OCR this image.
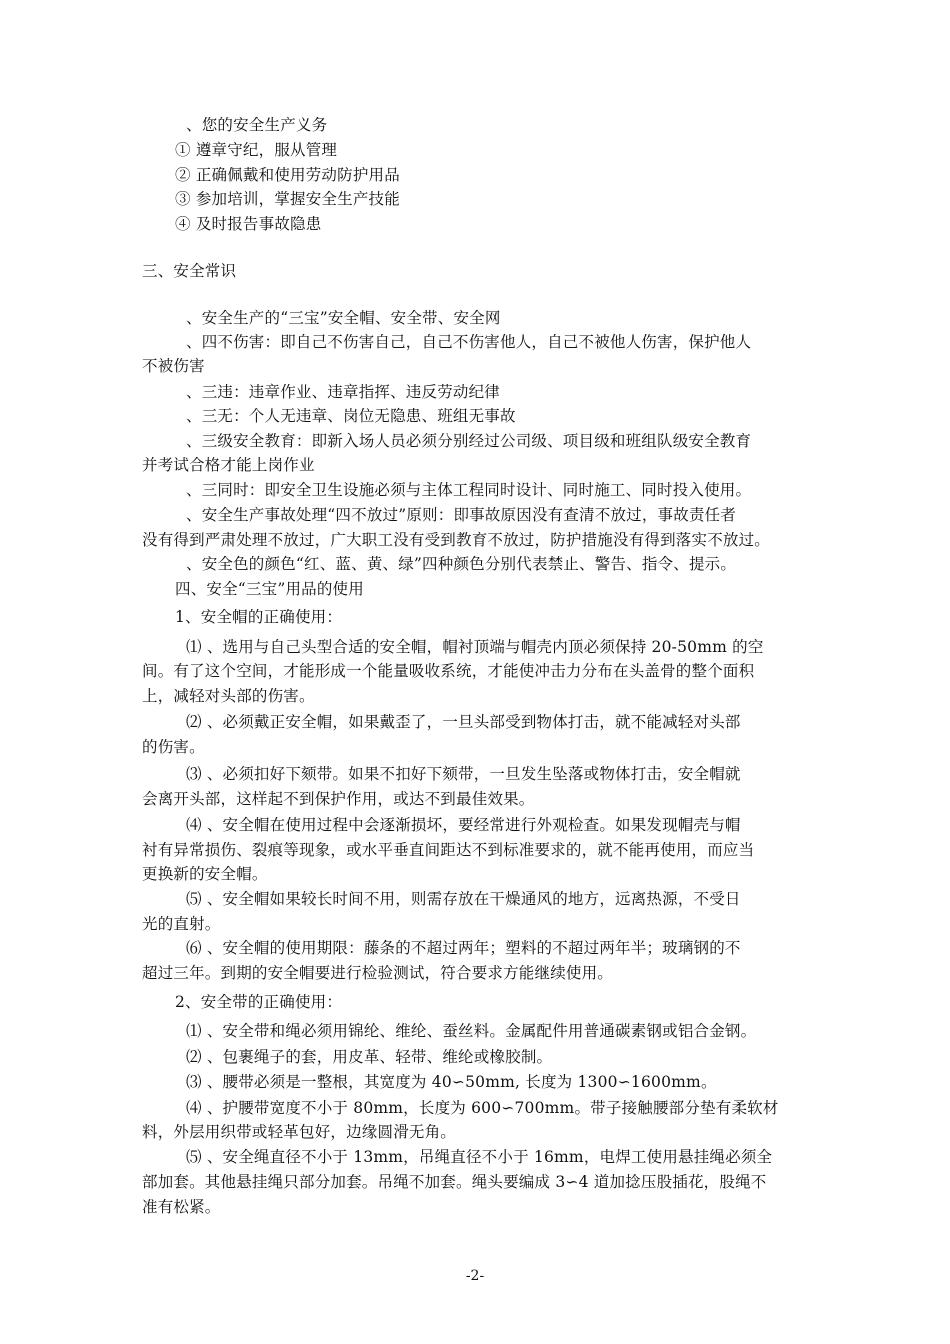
、您的安全生产义务
① 遵章守纪，服从管理
② 正确佩戴和使用劳动防护用品
③ 参加培训，掌握安全生产技能
④ 及时报告事故隐患
三、安全常识
、安全生产的“三宝”安全帽、安全带、安全网
、四不伤害：即自己不伤害自己，自己不伤害他人，自己不被他人伤害，保护他人
不被伤害
、三违：违章作业、违章指挥、违反劳动纪律
、三无：个人无违章、岗位无隐患、班组无事故
、三级安全教育：即新入场人员必须分别经过公司级、项目级和班组队级安全教育
并考试合格才能上岗作业
、三同时：即安全卫生设施必须与主体工程同时设计、同时施工、同时投入使用。
、安全生产事故处理“四不放过”原则：即事故原因没有查清不放过，事故责任者
没有得到严肃处理不放过，广大职工没有受到教育不放过，防护措施没有得到落实不放过。
、安全色的颜色“红、蓝、黄、绿”四种颜色分别代表禁止、警告、指令、提示。
四、安全“三宝”用品的使用
1、安全帽的正确使用：
⑴ 、选用与自己头型合适的安全帽，帽衬顶端与帽壳内顶必须保持 20-50mm 的空
间。有了这个空间，才能形成一个能量吸收系统，才能使冲击力分布在头盖骨的整个面积
上，减轻对头部的伤害。
⑵ 、必须戴正安全帽，如果戴歪了，一旦头部受到物体打击，就不能减轻对头部
的伤害。
⑶ 、必须扣好下颏带。如果不扣好下颏带，一旦发生坠落或物体打击，安全帽就
会离开头部，这样起不到保护作用，或达不到最佳效果。
⑷ 、安全帽在使用过程中会逐渐损坏，要经常进行外观检查。如果发现帽壳与帽
衬有异常损伤、裂痕等现象，或水平垂直间距达不到标准要求的，就不能再使用，而应当
更换新的安全帽。
⑸ 、安全帽如果较长时间不用，则需存放在干燥通风的地方，远离热源，不受日
光的直射。
⑹ 、安全帽的使用期限：藤条的不超过两年；塑料的不超过两年半；玻璃钢的不
超过三年。到期的安全帽要进行检验测试，符合要求方能继续使用。
2、安全带的正确使用：
⑴ 、安全带和绳必须用锦纶、维纶、蚕丝料。金属配件用普通碳素钢或铝合金钢。
⑵ 、包裹绳子的套，用皮革、轻带、维纶或橡胶制。
⑶ 、腰带必须是一整根，其宽度为 40∽50mm, 长度为 1300∽1600mm。
⑷ 、护腰带宽度不小于 80mm，长度为 600∽700mm。带子接触腰部分垫有柔软材
料，外层用织带或轻革包好，边缘圆滑无角。
⑸ 、安全绳直径不小于 13mm，吊绳直径不小于 16mm，电焊工使用悬挂绳必须全
部加套。其他悬挂绳只部分加套。吊绳不加套。绳头要编成 3∽4 道加捻压股插花，股绳不
准有松紧。
-2-
